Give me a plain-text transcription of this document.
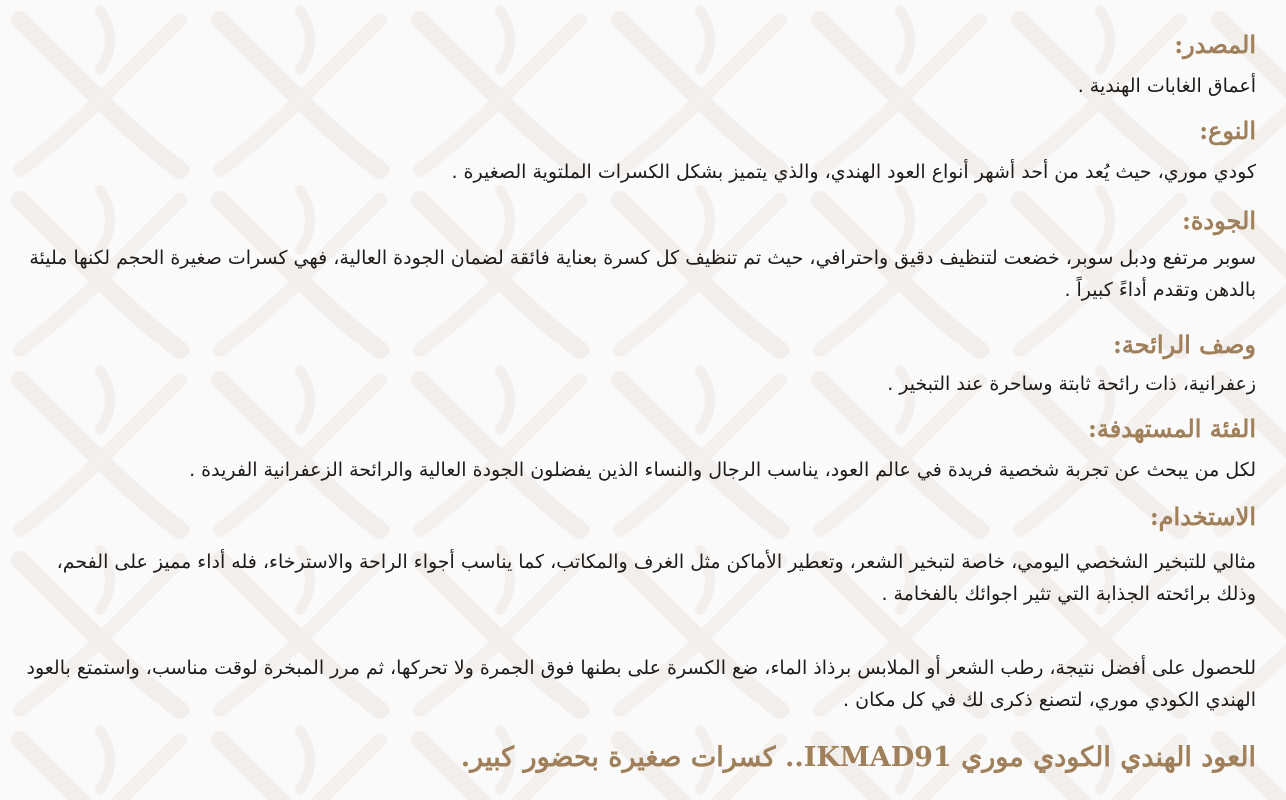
المصدر:

أعماق الغابات الهندية .

النوع:

كودي موري، حيث يُعد من أحد أشهر أنواع العود الهندي، والذي يتميز بشكل الكسرات الملتوية الصغيرة .

الجودة:

سوبر مرتفع ودبل سوبر، خضعت لتنظيف دقيق واحترافي، حيث تم تنظيف كل كسرة بعناية فائقة لضمان الجودة العالية، فهي كسرات صغيرة الحجم لكنها مليئة بالدهن وتقدم أداءً كبيراً .

وصف الرائحة:

زعفرانية، ذات رائحة ثابتة وساحرة عند التبخير .

الفئة المستهدفة:

لكل من يبحث عن تجربة شخصية فريدة في عالم العود، يناسب الرجال والنساء الذين يفضلون الجودة العالية والرائحة الزعفرانية الفريدة .

الاستخدام:

مثالي للتبخير الشخصي اليومي، خاصة لتبخير الشعر، وتعطير الأماكن مثل الغرف والمكاتب، كما يناسب أجواء الراحة والاسترخاء، فله أداء مميز على الفحم، وذلك برائحته الجذابة التي تثير اجوائك بالفخامة .

للحصول على أفضل نتيجة، رطب الشعر أو الملابس برذاذ الماء، ضع الكسرة على بطنها فوق الجمرة ولا تحركها، ثم مرر المبخرة لوقت مناسب، واستمتع بالعود الهندي الكودي موري، لتصنع ذكرى لك في كل مكان .

العود الهندي الكودي موري IKMAD91.. كسرات صغيرة بحضور كبير.
